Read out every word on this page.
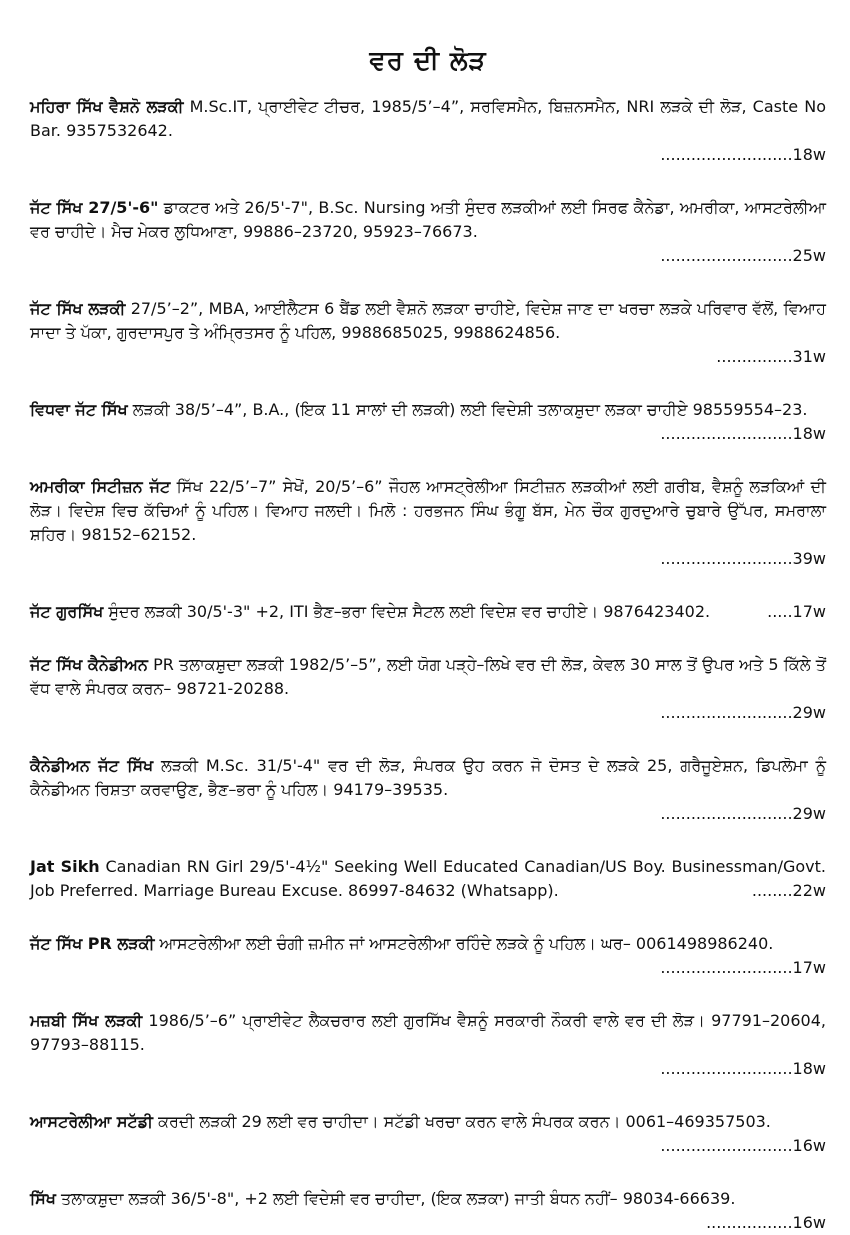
ਵਰ ਦੀ ਲੋੜ
ਮਹਿਰਾ ਸਿੱਖ ਵੈਸ਼ਨੋ ਲੜਕੀ M.Sc.IT, ਪ੍ਰਾਈਵੇਟ ਟੀਚਰ, 1985/5’–4”, ਸਰਵਿਸਮੈਨ, ਬਿਜ਼ਨਸਮੈਨ, NRI ਲੜਕੇ ਦੀ ਲੋੜ, Caste No Bar. 9357532642.
..........................18w
ਜੱਟ ਸਿੱਖ 27/5'-6" ਡਾਕਟਰ ਅਤੇ 26/5'-7", B.Sc. Nursing ਅਤੀ ਸੁੰਦਰ ਲੜਕੀਆਂ ਲਈ ਸਿਰਫ ਕੈਨੇਡਾ, ਅਮਰੀਕਾ, ਆਸਟਰੇਲੀਆ ਵਰ ਚਾਹੀਦੇ। ਮੈਚ ਮੇਕਰ ਲੁਧਿਆਣਾ, 99886–23720, 95923–76673.
..........................25w
ਜੱਟ ਸਿੱਖ ਲੜਕੀ 27/5’–2”, MBA, ਆਈਲੈਟਸ 6 ਬੈਂਡ ਲਈ ਵੈਸ਼ਨੋ ਲੜਕਾ ਚਾਹੀਏ, ਵਿਦੇਸ਼ ਜਾਣ ਦਾ ਖਰਚਾ ਲੜਕੇ ਪਰਿਵਾਰ ਵੱਲੋਂ, ਵਿਆਹ ਸਾਦਾ ਤੇ ਪੱਕਾ, ਗੁਰਦਾਸਪੁਰ ਤੇ ਅੰਮ੍ਰਿਤਸਰ ਨੂੰ ਪਹਿਲ, 9988685025, 9988624856.
...............31w
ਵਿਧਵਾ ਜੱਟ ਸਿੱਖ ਲੜਕੀ 38/5’–4”, B.A., (ਇਕ 11 ਸਾਲਾਂ ਦੀ ਲੜਕੀ) ਲਈ ਵਿਦੇਸ਼ੀ ਤਲਾਕਸ਼ੁਦਾ ਲੜਕਾ ਚਾਹੀਏ 98559554–23.
..........................18w
ਅਮਰੀਕਾ ਸਿਟੀਜ਼ਨ ਜੱਟ ਸਿੱਖ 22/5’–7” ਸੇਖੋਂ, 20/5’–6” ਜੌਹਲ ਆਸਟ੍ਰੇਲੀਆ ਸਿਟੀਜ਼ਨ ਲੜਕੀਆਂ ਲਈ ਗਰੀਬ, ਵੈਸ਼ਨੂੰ ਲੜਕਿਆਂ ਦੀ ਲੋੜ। ਵਿਦੇਸ਼ ਵਿਚ ਕੱਚਿਆਂ ਨੂੰ ਪਹਿਲ। ਵਿਆਹ ਜਲਦੀ। ਮਿਲੋ : ਹਰਭਜਨ ਸਿੰਘ ਭੰਗੂ ਬੱਸ, ਮੇਨ ਚੌਕ ਗੁਰਦੁਆਰੇ ਚੁਬਾਰੇ ਉੱਪਰ, ਸਮਰਾਲਾ ਸ਼ਹਿਰ। 98152–62152.
..........................39w
ਜੱਟ ਗੁਰਸਿੱਖ ਸੁੰਦਰ ਲੜਕੀ 30/5'-3" +2, ITI ਭੈਣ–ਭਰਾ ਵਿਦੇਸ਼ ਸੈਟਲ ਲਈ ਵਿਦੇਸ਼ ਵਰ ਚਾਹੀਏ। 9876423402.	.....17w
ਜੱਟ ਸਿੱਖ ਕੈਨੇਡੀਅਨ PR ਤਲਾਕਸ਼ੁਦਾ ਲੜਕੀ 1982/5’–5”, ਲਈ ਯੋਗ ਪੜ੍ਹੇ–ਲਿਖੇ ਵਰ ਦੀ ਲੋੜ, ਕੇਵਲ 30 ਸਾਲ ਤੋਂ ਉਪਰ ਅਤੇ 5 ਕਿੱਲੇ ਤੋਂ ਵੱਧ ਵਾਲੇ ਸੰਪਰਕ ਕਰਨ– 98721-20288.
..........................29w
ਕੈਨੇਡੀਅਨ ਜੱਟ ਸਿੱਖ ਲੜਕੀ M.Sc. 31/5'-4" ਵਰ ਦੀ ਲੋੜ, ਸੰਪਰਕ ਉਹ ਕਰਨ ਜੋ ਦੋਸਤ ਦੇ ਲੜਕੇ 25, ਗਰੈਜੂਏਸ਼ਨ, ਡਿਪਲੋਮਾ ਨੂੰ ਕੈਨੇਡੀਅਨ ਰਿਸ਼ਤਾ ਕਰਵਾਉਣ, ਭੈਣ–ਭਰਾ ਨੂੰ ਪਹਿਲ। 94179–39535.
..........................29w
Jat Sikh Canadian RN Girl 29/5'-4½" Seeking Well Educated Canadian/US Boy. Businessman/Govt. Job Preferred. Marriage Bureau Excuse. 86997-84632 (Whatsapp).	........22w
ਜੱਟ ਸਿੱਖ PR ਲੜਕੀ ਆਸਟਰੇਲੀਆ ਲਈ ਚੰਗੀ ਜ਼ਮੀਨ ਜਾਂ ਆਸਟਰੇਲੀਆ ਰਹਿੰਦੇ ਲੜਕੇ ਨੂੰ ਪਹਿਲ। ਘਰ– 0061498986240.
..........................17w
ਮਜ਼ਬੀ ਸਿੱਖ ਲੜਕੀ 1986/5’–6” ਪ੍ਰਾਈਵੇਟ ਲੈਕਚਰਾਰ ਲਈ ਗੁਰਸਿੱਖ ਵੈਸ਼ਨੂੰ ਸਰਕਾਰੀ ਨੌਕਰੀ ਵਾਲੇ ਵਰ ਦੀ ਲੋੜ। 97791–20604, 97793–88115.
..........................18w
ਆਸਟਰੇਲੀਆ ਸਟੱਡੀ ਕਰਦੀ ਲੜਕੀ 29 ਲਈ ਵਰ ਚਾਹੀਦਾ। ਸਟੱਡੀ ਖਰਚਾ ਕਰਨ ਵਾਲੇ ਸੰਪਰਕ ਕਰਨ। 0061–469357503.
..........................16w
ਸਿੱਖ ਤਲਾਕਸ਼ੁਦਾ ਲੜਕੀ 36/5'-8", +2 ਲਈ ਵਿਦੇਸ਼ੀ ਵਰ ਚਾਹੀਦਾ, (ਇਕ ਲੜਕਾ) ਜਾਤੀ ਬੰਧਨ ਨਹੀਂ– 98034-66639.
.................16w
